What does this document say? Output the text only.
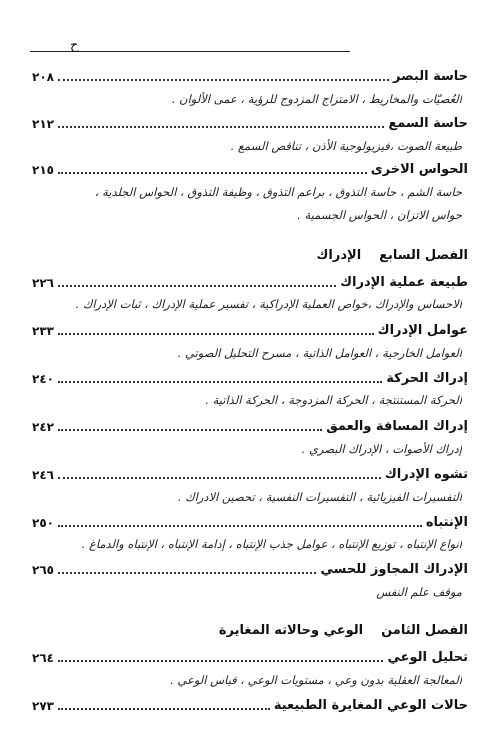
ح
حاسة البصر
٢٠٨
العُصيّات والمخاريط ، الامتزاج المزدوج للرؤية ، عمى الألوان .
حاسة السمع
٢١٢
طبيعة الصوت ،فيزيولوجية الأذن ، تناقص السمع .
الحواس الاخرى
٢١٥
حاسة الشم ، حاسة التذوق ، براعم التذوق ، وظيفة التذوق ، الحواس الجلدية ،
حواس الاتزان ، الحواس الجسمية .
الفصل السابعالإدراك
طبيعة عملية الإدراك
٢٢٦
الاحساس والإدراك ،خواص العملية الإدراكية ، تفسير عملية الإدراك ، ثبات الإدراك .
عوامل الإدراك
٢٣٣
العوامل الخارجية ، العوامل الذاتية ، مسرح التحليل الصوتي .
إدراك الحركة
٢٤٠
الحركة المستنتجة ، الحركة المزدوجة ، الحركة الذاتية .
إدراك المسافة والعمق
٢٤٢
إدراك الأصوات ، الإدراك البصري .
تشوه الإدراك
٢٤٦
التفسيرات الفيزيائية ، التفسيرات النفسية ، تحصين الادراك .
الإنتباه
٢٥٠
انواع الإنتباه ، توزيع الإنتباه ، عوامل جذب الإنتباه ، إدامة الإنتباه ، الإنتباه والدماغ .
الإدراك المجاوز للحسي
٢٦٥
موقف علم النفس
الفصل الثامنالوعي وحالاته المغايرة
تحليل الوعي
٢٦٤
المعالجة العقلية بدون وعي ، مستويات الوعي ، قياس الوعي .
حالات الوعي المغايرة الطبيعية
٢٧٣
